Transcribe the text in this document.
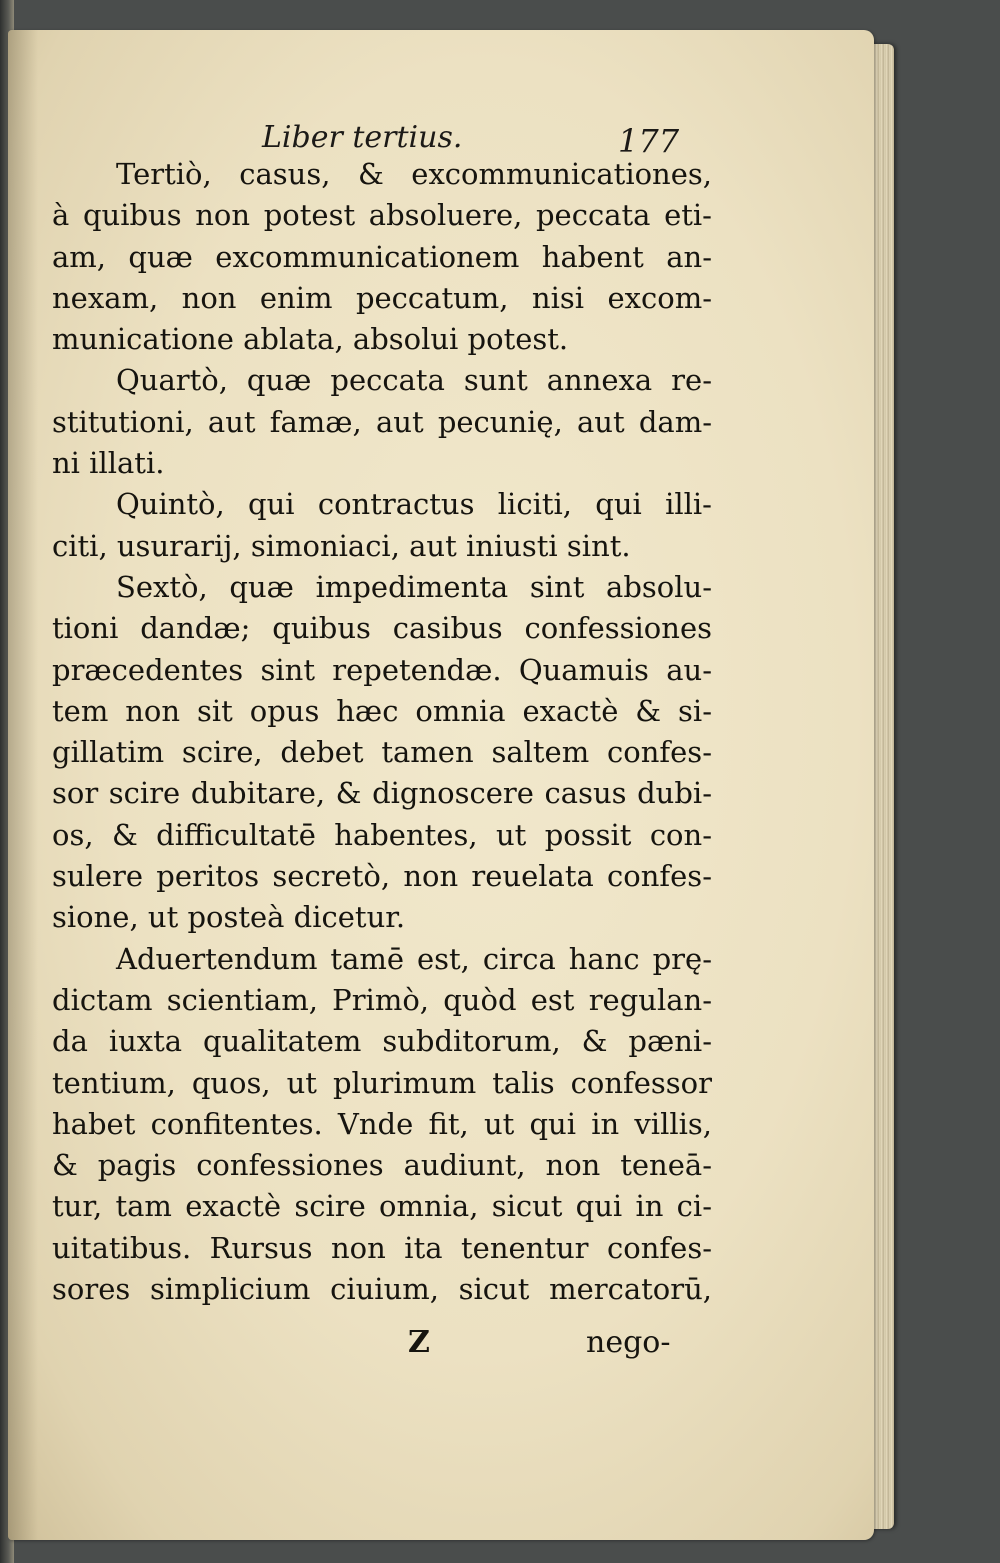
Liber tertius.	177
Tertiò, casus, & excommunicationes,
à quibus non potest absoluere, peccata eti-
am, quæ excommunicationem habent an-
nexam, non enim peccatum, nisi excom-
municatione ablata, absolui potest.
Quartò, quæ peccata sunt annexa re-
stitutioni, aut famæ, aut pecunię, aut dam-
ni illati.
Quintò, qui contractus liciti, qui illi-
citi, usurarij, simoniaci, aut iniusti sint.
Sextò, quæ impedimenta sint absolu-
tioni dandæ; quibus casibus confessiones
præcedentes sint repetendæ. Quamuis au-
tem non sit opus hæc omnia exactè & si-
gillatim scire, debet tamen saltem confes-
sor scire dubitare, & dignoscere casus dubi-
os, & difficultatē habentes, ut possit con-
sulere peritos secretò, non reuelata confes-
sione, ut posteà dicetur.
Aduertendum tamē est, circa hanc prę-
dictam scientiam, Primò, quòd est regulan-
da iuxta qualitatem subditorum, & pæni-
tentium, quos, ut plurimum talis confessor
habet confitentes. Vnde fit, ut qui in villis,
& pagis confessiones audiunt, non teneā-
tur, tam exactè scire omnia, sicut qui in ci-
uitatibus. Rursus non ita tenentur confes-
sores simplicium ciuium, sicut mercatorū,
Z	nego-
